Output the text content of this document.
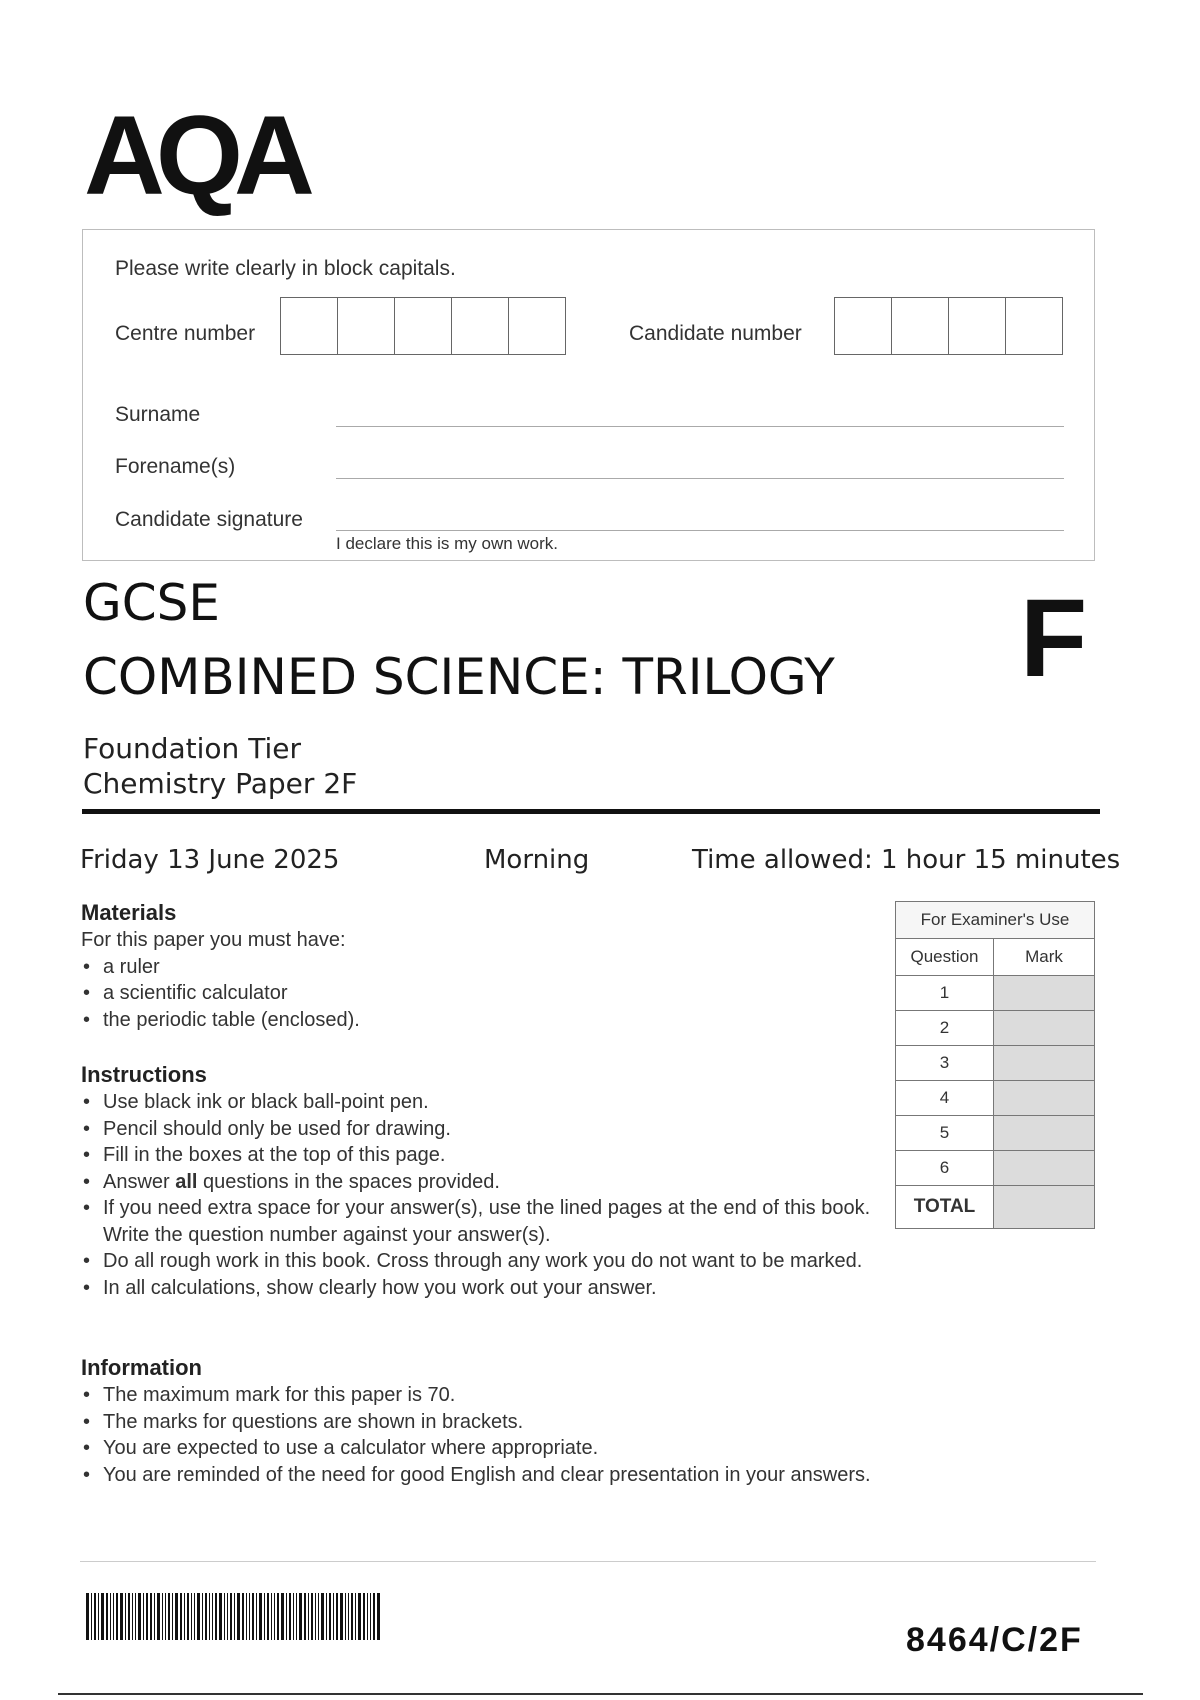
AQA
Please write clearly in block capitals.
Centre number	Candidate number
Surname
Forename(s)
Candidate signature
I declare this is my own work.
GCSE
COMBINED SCIENCE: TRILOGY F
Foundation Tier
Chemistry Paper 2F
Friday 13 June 2025	Morning	Time allowed: 1 hour 15 minutes
Materials
For this paper you must have:
• a ruler
• a scientific calculator
• the periodic table (enclosed).
Instructions
• Use black ink or black ball-point pen.
• Pencil should only be used for drawing.
• Fill in the boxes at the top of this page.
• Answer all questions in the spaces provided.
• If you need extra space for your answer(s), use the lined pages at the end of this book. Write the question number against your answer(s).
• Do all rough work in this book. Cross through any work you do not want to be marked.
• In all calculations, show clearly how you work out your answer.
Information
• The maximum mark for this paper is 70.
• The marks for questions are shown in brackets.
• You are expected to use a calculator where appropriate.
• You are reminded of the need for good English and clear presentation in your answers.
For Examiner's Use	
Question	Mark
1	
2	
3	
4	
5	
6	
TOTAL	
8464/C/2F
